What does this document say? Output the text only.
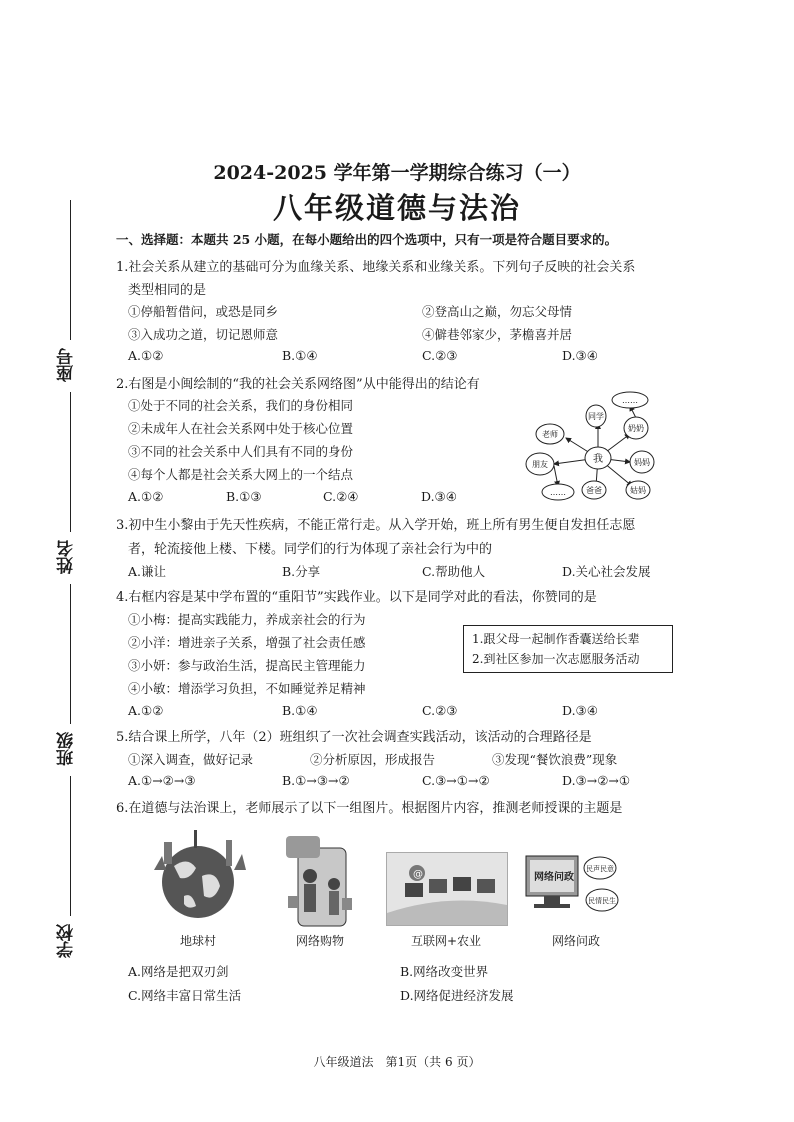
2024-2025 学年第一学期综合练习（一）
八年级道德与法治
座号
姓名
班级
学校
一、选择题：本题共 25 小题，在每小题给出的四个选项中，只有一项是符合题目要求的。
1.社会关系从建立的基础可分为血缘关系、地缘关系和业缘关系。下列句子反映的社会关系
类型相同的是
①停船暂借问，或恐是同乡	②登高山之巅，勿忘父母情
③入成功之道，切记恩师意	④僻巷邻家少，茅檐喜并居
A.①②	B.①④	C.②③	D.③④
2.右图是小闽绘制的“我的社会关系网络图”从中能得出的结论有
①处于不同的社会关系，我们的身份相同
②未成年人在社会关系网中处于核心位置
③不同的社会关系中人们具有不同的身份
④每个人都是社会关系大网上的一个结点
A.①②	B.①③	C.②④	D.③④
我
同学
老师
朋友	妈妈
爸爸
奶奶
姑妈
……
……
3.初中生小黎由于先天性疾病，不能正常行走。从入学开始，班上所有男生便自发担任志愿
者，轮流接他上楼、下楼。同学们的行为体现了亲社会行为中的
A.谦让	B.分享	C.帮助他人	D.关心社会发展
4.右框内容是某中学布置的“重阳节”实践作业。以下是同学对此的看法，你赞同的是
①小梅：提高实践能力，养成亲社会的行为
②小洋：增进亲子关系，增强了社会责任感
③小妍：参与政治生活，提高民主管理能力
④小敏：增添学习负担，不如睡觉养足精神
1.跟父母一起制作香囊送给长辈
2.到社区参加一次志愿服务活动
A.①②	B.①④	C.②③	D.③④
5.结合课上所学，八年（2）班组织了一次社会调查实践活动，该活动的合理路径是
①深入调查，做好记录	②分析原因，形成报告	③发现“餐饮浪费”现象
A.①→②→③	B.①→③→②	C.③→①→②	D.③→②→①
6.在道德与法治课上，老师展示了以下一组图片。根据图片内容，推测老师授课的主题是
地球村	网络购物
@
互联网+农业
网络问政
民声民意
民情民生
网络问政
A.网络是把双刃剑	B.网络改变世界
C.网络丰富日常生活	D.网络促进经济发展
八年级道法　第1页（共 6 页）
